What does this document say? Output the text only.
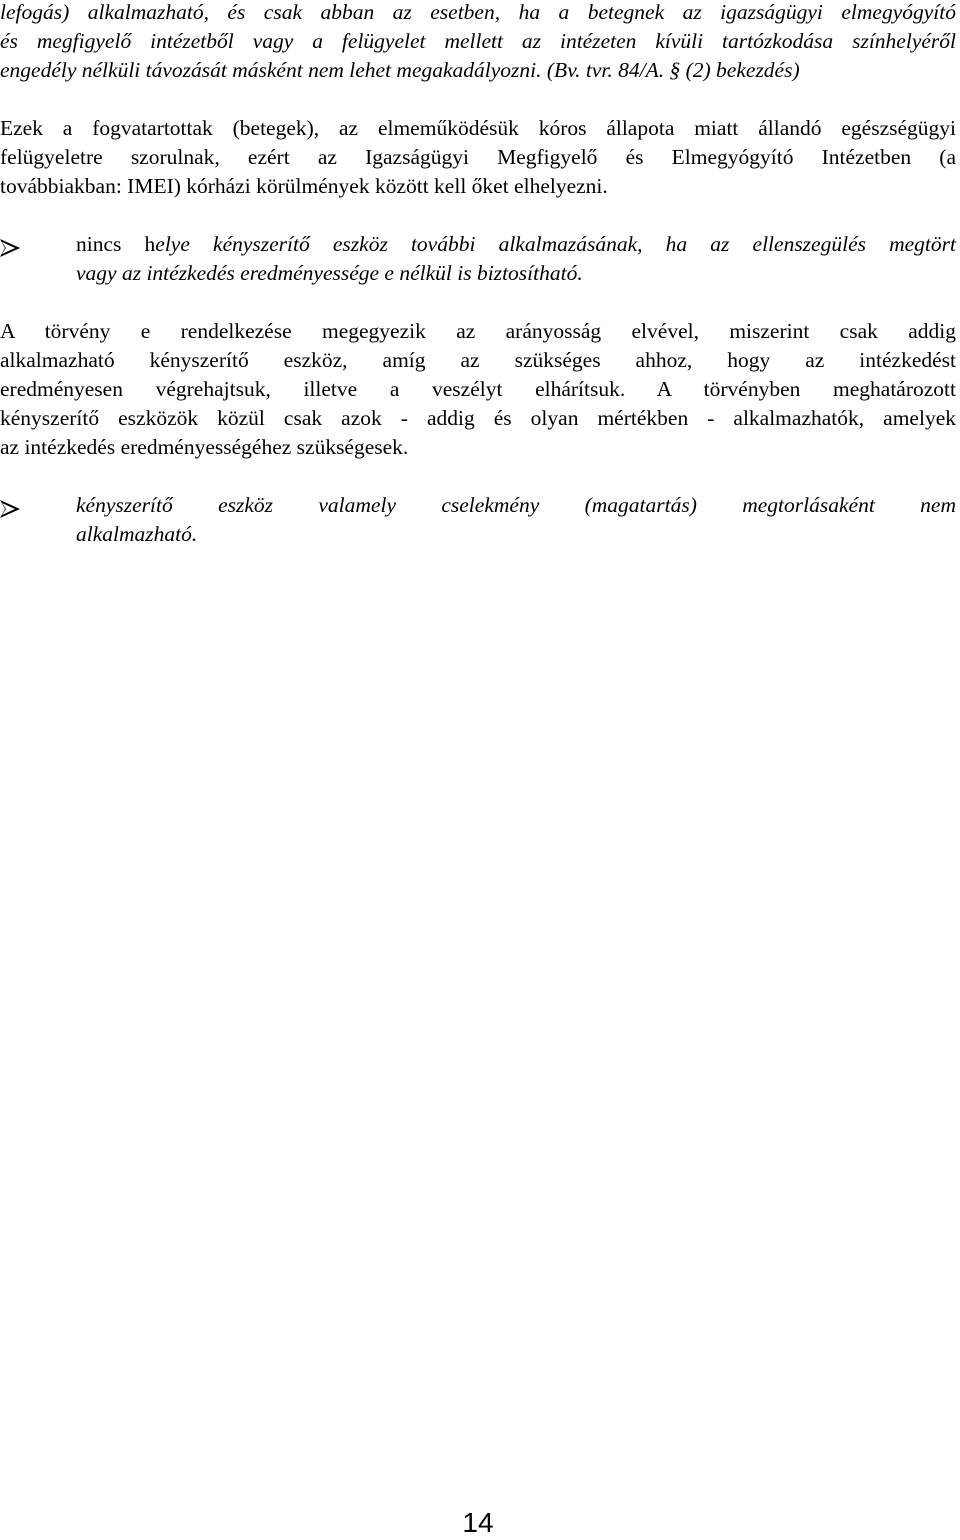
lefogás) alkalmazható, és csak abban az esetben, ha a betegnek az igazságügyi elmegyógyító
és megfigyelő intézetből vagy a felügyelet mellett az intézeten kívüli tartózkodása színhelyéről
engedély nélküli távozását másként nem lehet megakadályozni. (Bv. tvr. 84/A. § (2) bekezdés)
Ezek a fogvatartottak (betegek), az elmeműködésük kóros állapota miatt állandó egészségügyi
felügyeletre szorulnak, ezért az Igazságügyi Megfigyelő és Elmegyógyító Intézetben (a
továbbiakban: IMEI) kórházi körülmények között kell őket elhelyezni.
nincs helye kényszerítő eszköz további alkalmazásának, ha az ellenszegülés megtört
vagy az intézkedés eredményessége e nélkül is biztosítható.
A törvény e rendelkezése megegyezik az arányosság elvével, miszerint csak addig
alkalmazható kényszerítő eszköz, amíg az szükséges ahhoz, hogy az intézkedést
eredményesen végrehajtsuk, illetve a veszélyt elhárítsuk. A törvényben meghatározott
kényszerítő eszközök közül csak azok - addig és olyan mértékben - alkalmazhatók, amelyek
az intézkedés eredményességéhez szükségesek.
kényszerítő eszköz valamely cselekmény (magatartás) megtorlásaként nem
alkalmazható.
14
